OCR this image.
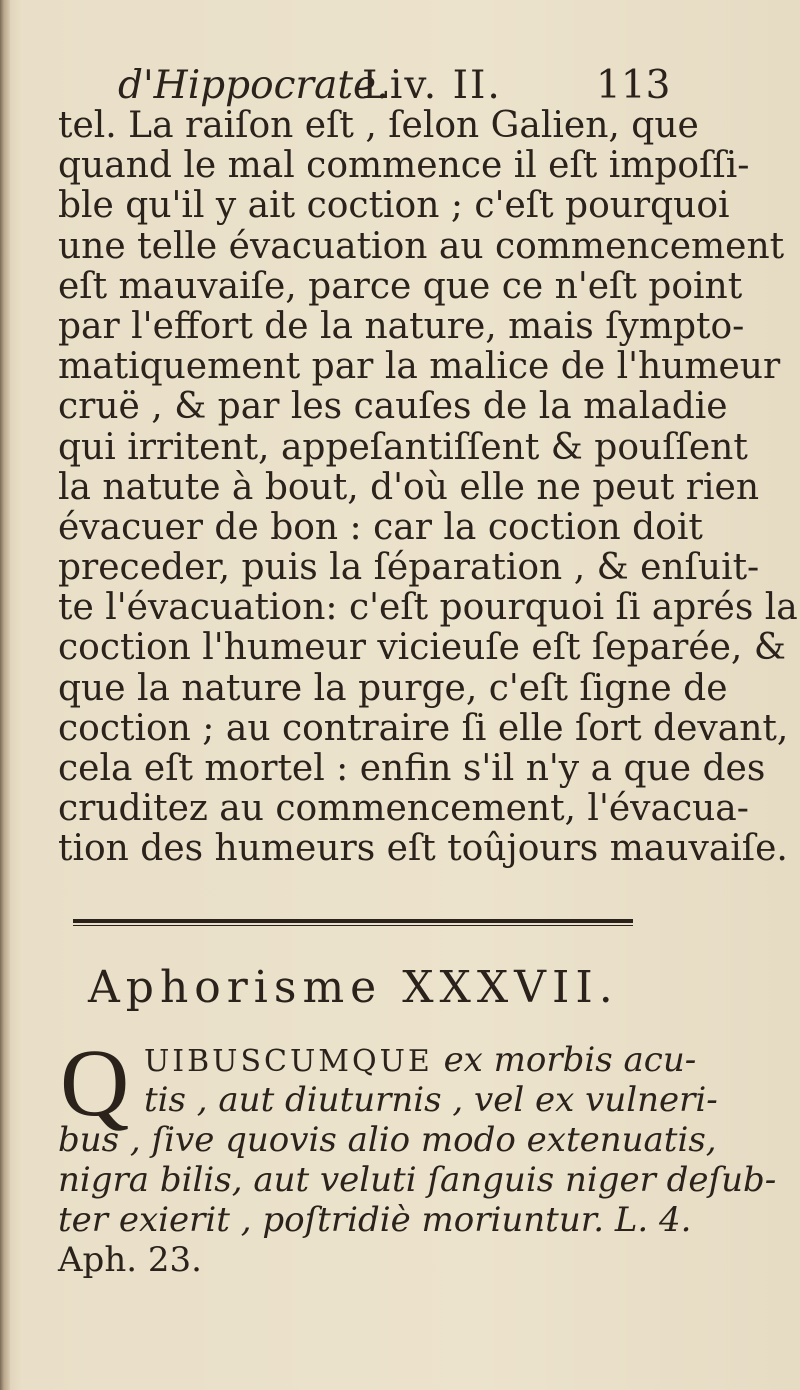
d'Hippocrate.
Liv. II. 113
tel. La raiſon eſt , ſelon Galien, que
quand le mal commence il eſt impoſſi-
ble qu'il y ait coction ; c'eſt pourquoi
une telle évacuation au commencement
eſt mauvaiſe, parce que ce n'eſt point
par l'effort de la nature, mais ſympto-
matiquement par la malice de l'humeur
cruë , & par les cauſes de la maladie
qui irritent, appeſantiſſent & pouſſent
la natute à bout, d'où elle ne peut rien
évacuer de bon : car la coction doit
preceder, puis la ſéparation , & enſuit-
te l'évacuation: c'eſt pourquoi ſi aprés la
coction l'humeur vicieuſe eſt ſeparée, &
que la nature la purge, c'eſt ſigne de
coction ; au contraire ſi elle ſort devant,
cela eſt mortel : enfin s'il n'y a que des
cruditez au commencement, l'évacua-
tion des humeurs eſt toûjours mauvaiſe.
Aphorisme XXXVII.
Q UIBUSCUMQUE ex morbis acu-
tis , aut diuturnis , vel ex vulneri-
bus , ſive quovis alio modo extenuatis,
nigra bilis, aut veluti ſanguis niger deſub-
ter exierit , poſtridiè moriuntur. L. 4.
Aph. 23.
